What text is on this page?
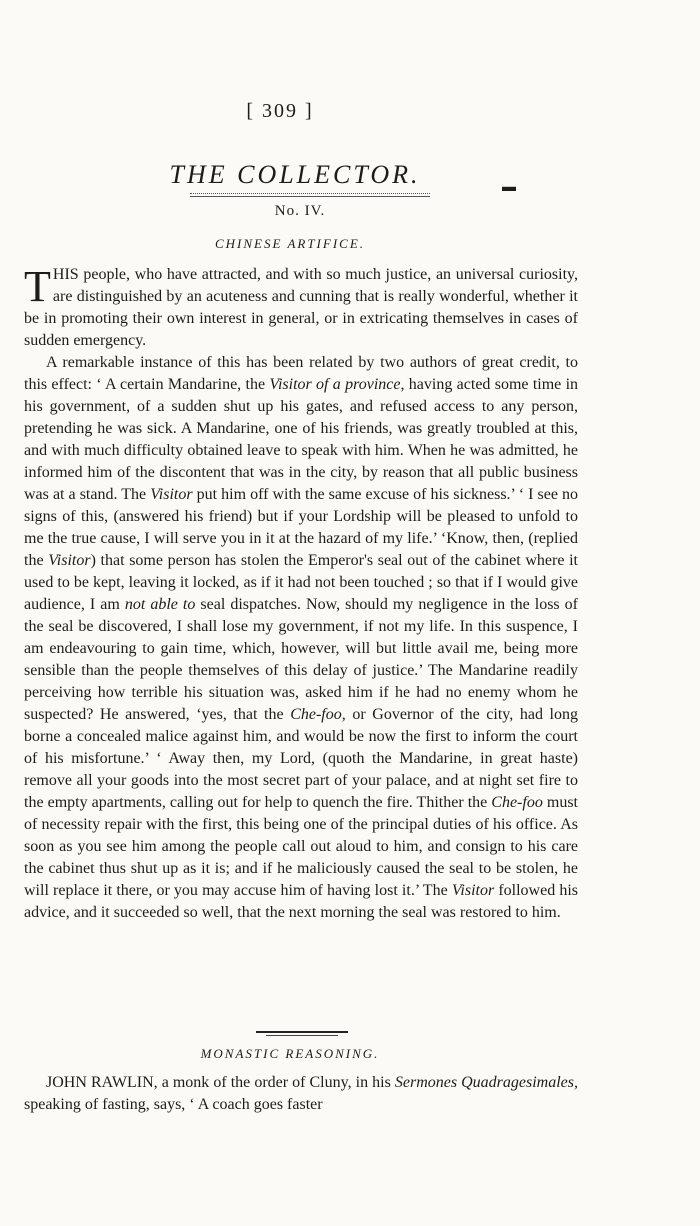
[ 309 ]
THE COLLECTOR.	▬
No. IV.
CHINESE ARTIFICE.

THIS people, who have attracted, and with so much justice, an universal curiosity, are distinguished by an acuteness and cunning that is really wonderful, whether it be in promoting their own interest in general, or in extricating themselves in cases of sudden emergency.

A remarkable instance of this has been related by two authors of great credit, to this effect: ‘ A certain Mandarine, the Visitor of a province, having acted some time in his government, of a sudden shut up his gates, and refused access to any person, pretending he was sick. A Mandarine, one of his friends, was greatly troubled at this, and with much difficulty obtained leave to speak with him. When he was admitted, he informed him of the discontent that was in the city, by reason that all public business was at a stand. The Visitor put him off with the same excuse of his sickness.’ ‘ I see no signs of this, (answered his friend) but if your Lordship will be pleased to unfold to me the true cause, I will serve you in it at the hazard of my life.’ ‘Know, then, (replied the Visitor) that some person has stolen the Emperor's seal out of the cabinet where it used to be kept, leaving it locked, as if it had not been touched ; so that if I would give audience, I am not able to seal dispatches. Now, should my negligence in the loss of the seal be discovered, I shall lose my government, if not my life. In this suspence, I am endeavouring to gain time, which, however, will but little avail me, being more sensible than the people themselves of this delay of justice.’ The Mandarine readily perceiving how terrible his situation was, asked him if he had no enemy whom he suspected? He answered, ‘yes, that the Che-foo, or Governor of the city, had long borne a concealed malice against him, and would be now the first to inform the court of his misfortune.’ ‘ Away then, my Lord, (quoth the Mandarine, in great haste) remove all your goods into the most secret part of your palace, and at night set fire to the empty apartments, calling out for help to quench the fire. Thither the Che-foo must of necessity repair with the first, this being one of the principal duties of his office. As soon as you see him among the people call out aloud to him, and consign to his care the cabinet thus shut up as it is; and if he maliciously caused the seal to be stolen, he will replace it there, or you may accuse him of having lost it.’ The Visitor followed his advice, and it succeeded so well, that the next morning the seal was restored to him.

MONASTIC REASONING.

JOHN RAWLIN, a monk of the order of Cluny, in his Sermones Quadragesimales, speaking of fasting, says, ‘ A coach goes faster
